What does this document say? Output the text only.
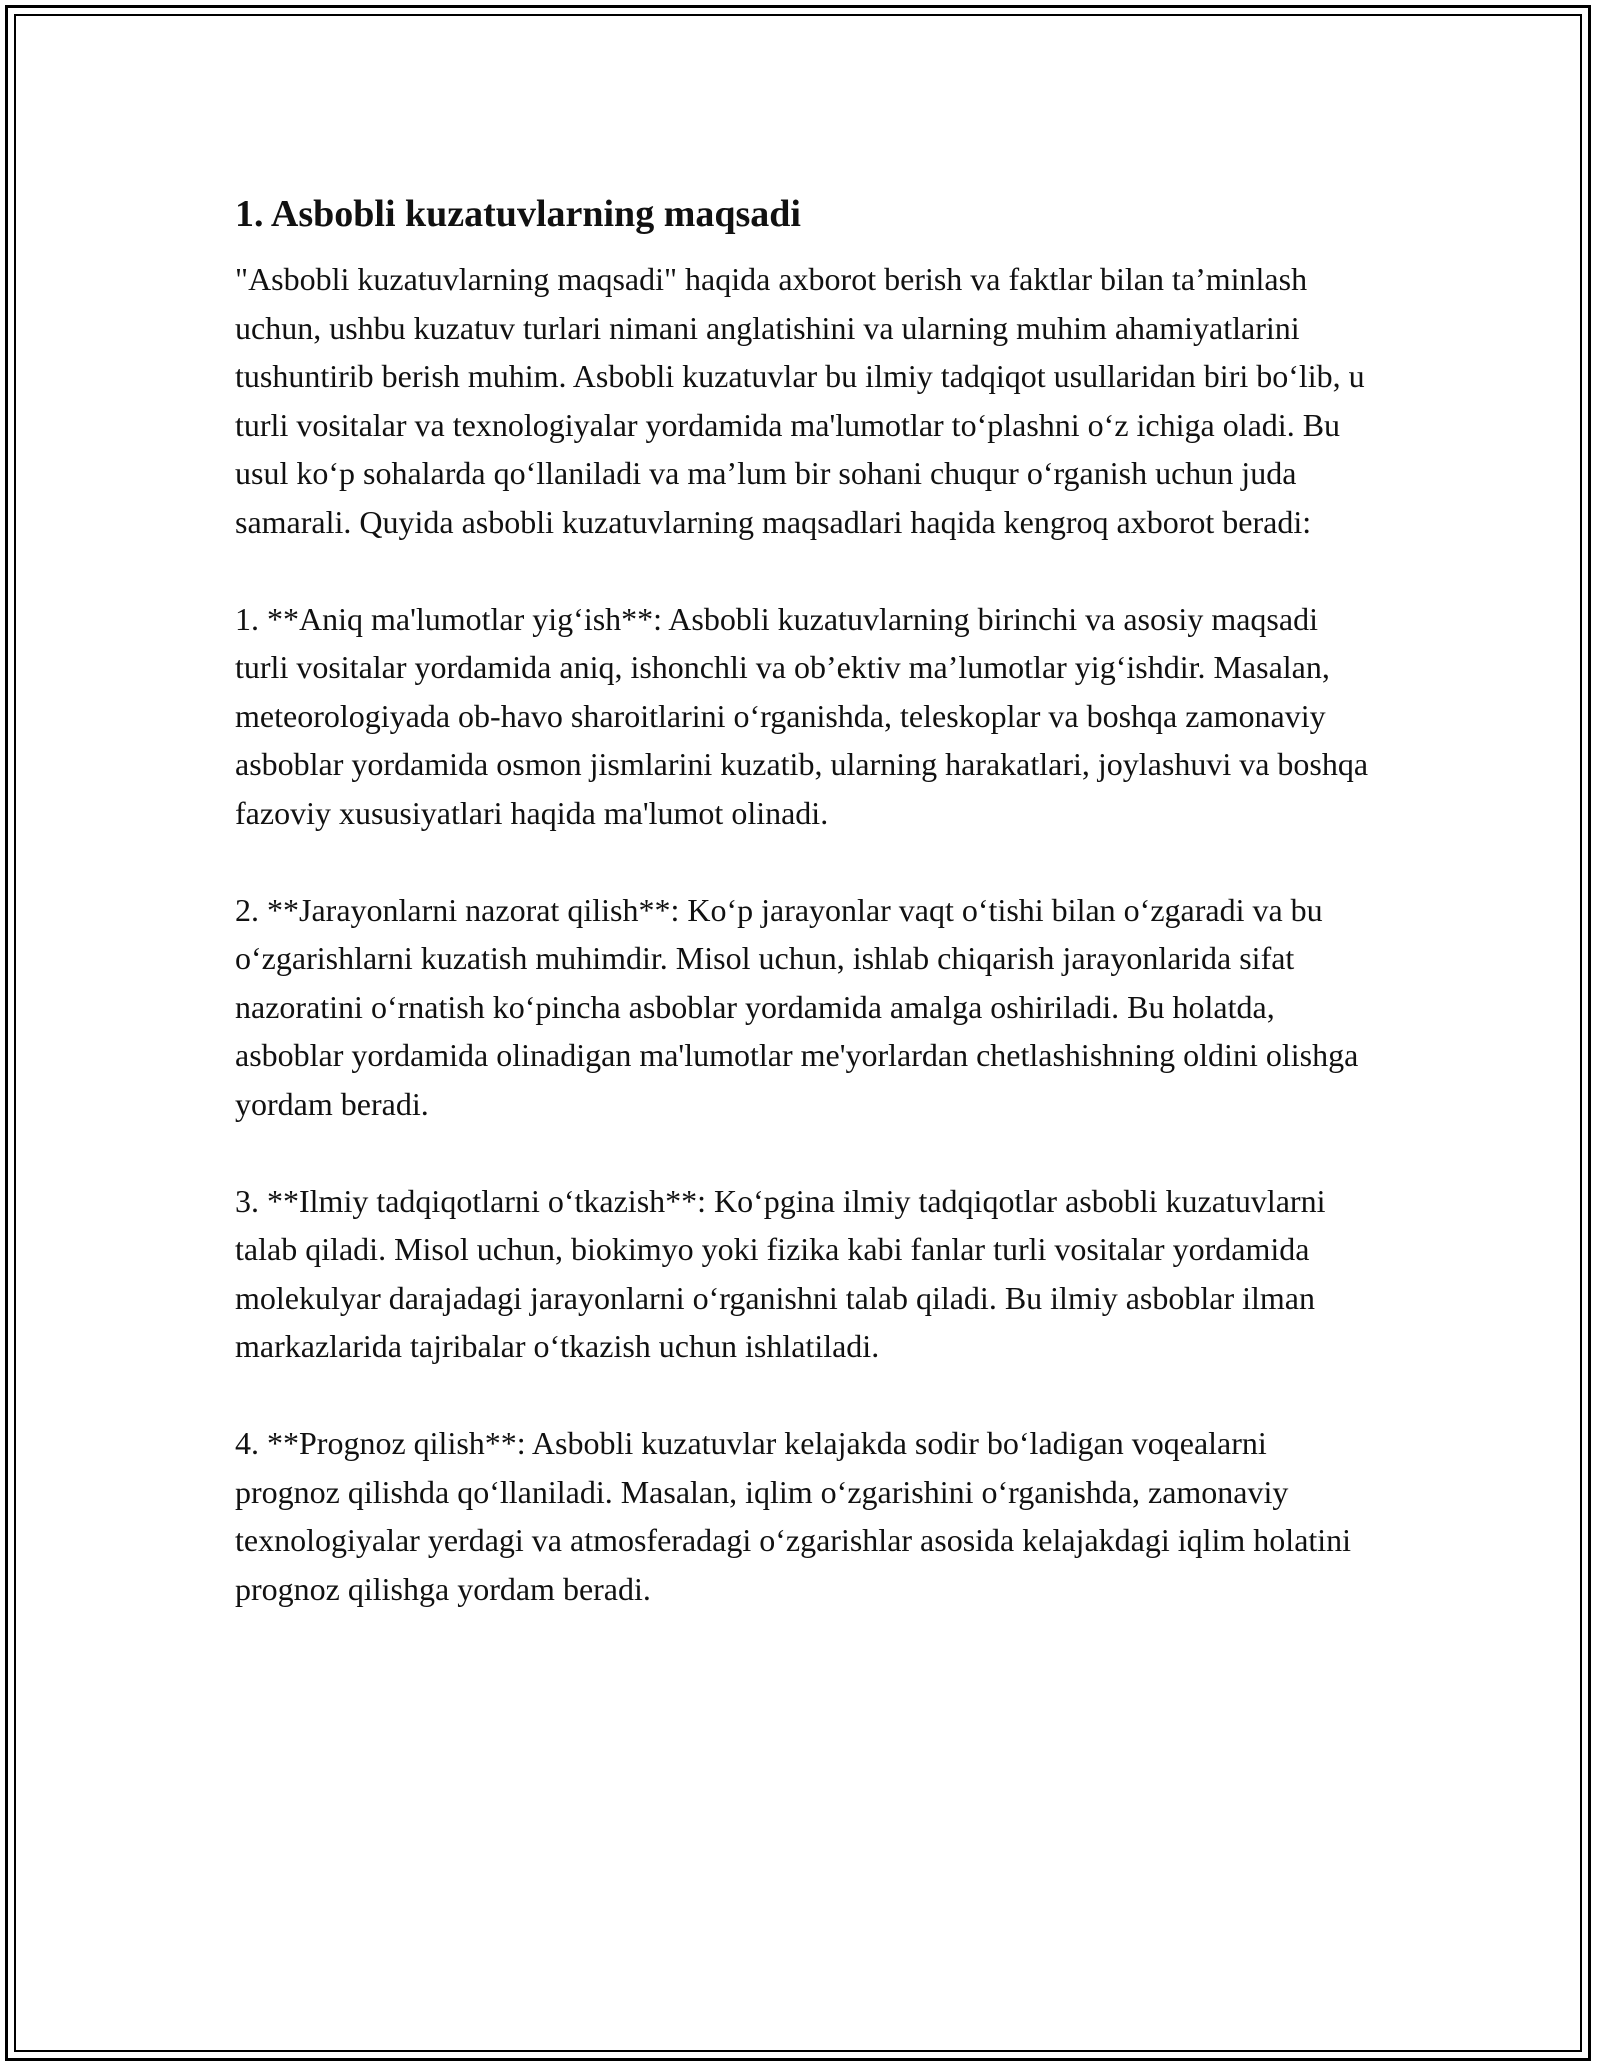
1. Asbobli kuzatuvlarning maqsadi

"Asbobli kuzatuvlarning maqsadi" haqida axborot berish va faktlar bilan ta’minlash uchun, ushbu kuzatuv turlari nimani anglatishini va ularning muhim ahamiyatlarini tushuntirib berish muhim. Asbobli kuzatuvlar bu ilmiy tadqiqot usullaridan biri boʻlib, u turli vositalar va texnologiyalar yordamida ma'lumotlar toʻplashni oʻz ichiga oladi. Bu usul koʻp sohalarda qoʻllaniladi va ma’lum bir sohani chuqur oʻrganish uchun juda samarali. Quyida asbobli kuzatuvlarning maqsadlari haqida kengroq axborot beradi:

1. **Aniq ma'lumotlar yigʻish**: Asbobli kuzatuvlarning birinchi va asosiy maqsadi turli vositalar yordamida aniq, ishonchli va ob’ektiv ma’lumotlar yigʻishdir. Masalan, meteorologiyada ob-havo sharoitlarini oʻrganishda, teleskoplar va boshqa zamonaviy asboblar yordamida osmon jismlarini kuzatib, ularning harakatlari, joylashuvi va boshqa fazoviy xususiyatlari haqida ma'lumot olinadi.

2. **Jarayonlarni nazorat qilish**: Koʻp jarayonlar vaqt oʻtishi bilan oʻzgaradi va bu oʻzgarishlarni kuzatish muhimdir. Misol uchun, ishlab chiqarish jarayonlarida sifat nazoratini oʻrnatish koʻpincha asboblar yordamida amalga oshiriladi. Bu holatda, asboblar yordamida olinadigan ma'lumotlar me'yorlardan chetlashishning oldini olishga yordam beradi.

3. **Ilmiy tadqiqotlarni oʻtkazish**: Koʻpgina ilmiy tadqiqotlar asbobli kuzatuvlarni talab qiladi. Misol uchun, biokimyo yoki fizika kabi fanlar turli vositalar yordamida molekulyar darajadagi jarayonlarni oʻrganishni talab qiladi. Bu ilmiy asboblar ilman markazlarida tajribalar oʻtkazish uchun ishlatiladi.

4. **Prognoz qilish**: Asbobli kuzatuvlar kelajakda sodir boʻladigan voqealarni prognoz qilishda qoʻllaniladi. Masalan, iqlim oʻzgarishini oʻrganishda, zamonaviy texnologiyalar yerdagi va atmosferadagi oʻzgarishlar asosida kelajakdagi iqlim holatini prognoz qilishga yordam beradi.
